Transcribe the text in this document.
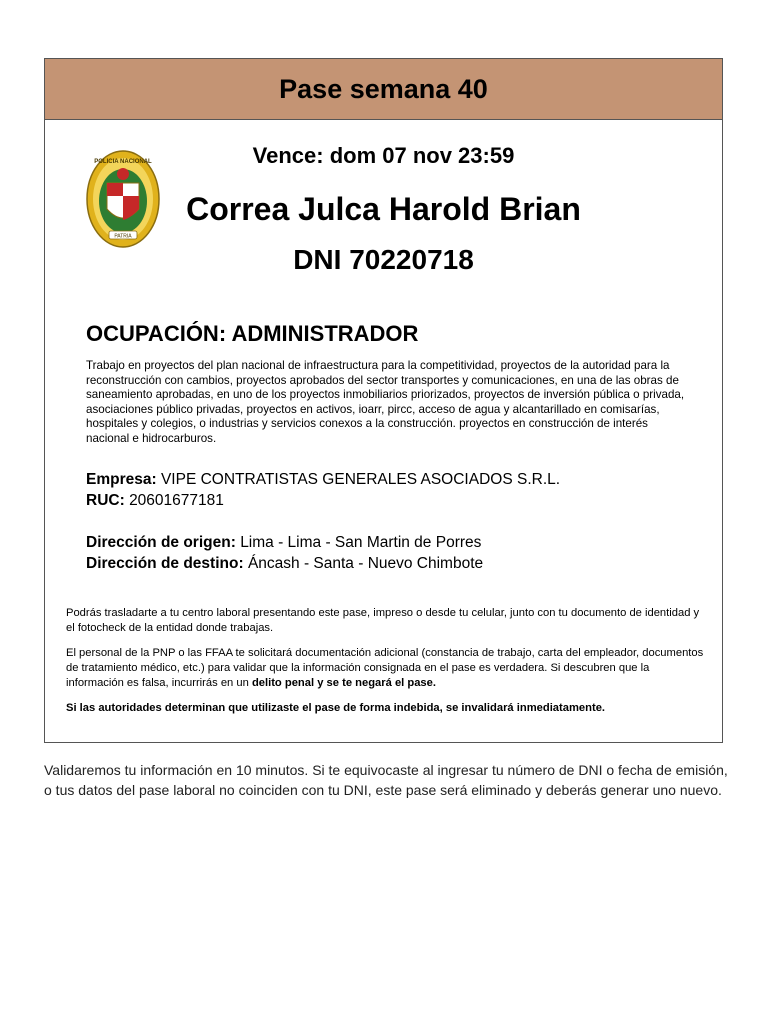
Pase semana 40
POLICIA NACIONAL
PATRIA
Vence: dom 07 nov 23:59
Correa Julca Harold Brian
DNI 70220718
OCUPACIÓN: ADMINISTRADOR
Trabajo en proyectos del plan nacional de infraestructura para la competitividad, proyectos de la autoridad para la reconstrucción con cambios, proyectos aprobados del sector transportes y comunicaciones, en una de las obras de saneamiento aprobadas, en uno de los proyectos inmobiliarios priorizados, proyectos de inversión pública o privada, asociaciones público privadas, proyectos en activos, ioarr, pircc, acceso de agua y alcantarillado en comisarías, hospitales y colegios, o industrias y servicios conexos a la construcción. proyectos en construcción de interés nacional e hidrocarburos.
Empresa: VIPE CONTRATISTAS GENERALES ASOCIADOS S.R.L.
RUC: 20601677181
Dirección de origen: Lima - Lima - San Martin de Porres
Dirección de destino: Áncash - Santa - Nuevo Chimbote

Podrás trasladarte a tu centro laboral presentando este pase, impreso o desde tu celular, junto con tu documento de identidad y el fotocheck de la entidad donde trabajas.

El personal de la PNP o las FFAA te solicitará documentación adicional (constancia de trabajo, carta del empleador, documentos de tratamiento médico, etc.) para validar que la información consignada en el pase es verdadera. Si descubren que la información es falsa, incurrirás en un delito penal y se te negará el pase.

Si las autoridades determinan que utilizaste el pase de forma indebida, se invalidará inmediatamente.

Validaremos tu información en 10 minutos. Si te equivocaste al ingresar tu número de DNI o fecha de emisión, o tus datos del pase laboral no coinciden con tu DNI, este pase será eliminado y deberás generar uno nuevo.
